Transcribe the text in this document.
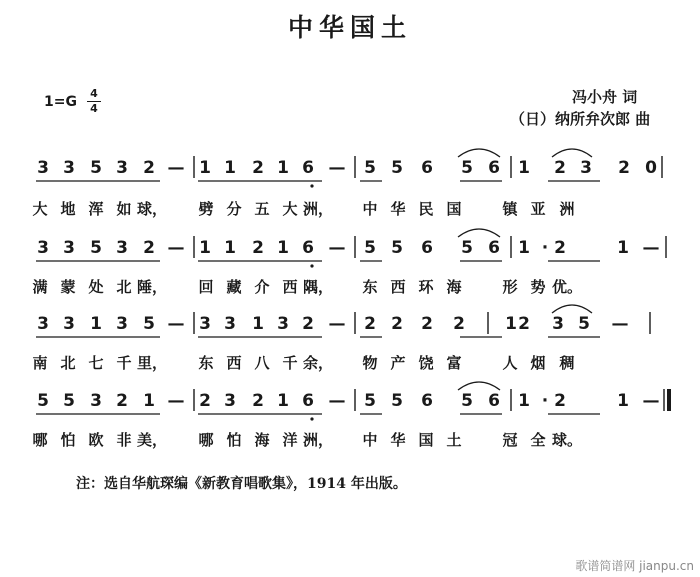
中华国土
1=G
4
4
冯小舟 词
（日）纳所弁次郎 曲
3 3 5 3 2 — 1 1 2 1 6 — 5 5 6 5 6 1 2 3 2 0
大 地 浑 如 球， 劈 分 五 大 洲， 中 华 民 国	镇 亚 洲
3 3 5 3 2 — 1 1 2 1 6 — 5 5 6 5 6 1 · 2	1 —
满 蒙 处 北 陲， 回 藏 介 西 隅， 东 西 环 海	形 势 优。
3 3 1 3 5 — 3 3 1 3 2 — 2 2 2 2 1 2 3 5 —
南 北 七 千 里， 东 西 八 千 余， 物 产 饶 富	人 烟 稠
5 5 3 2 1 — 2 3 2 1 6 — 5 5 6 5 6 1 · 2	1 —
哪 怕 欧 非 美， 哪 怕 海 洋 洲， 中 华 国 土	冠 全 球。
注：选自华航琛编《新教育唱歌集》，1914 年出版。
歌谱简谱网 jianpu.cn
